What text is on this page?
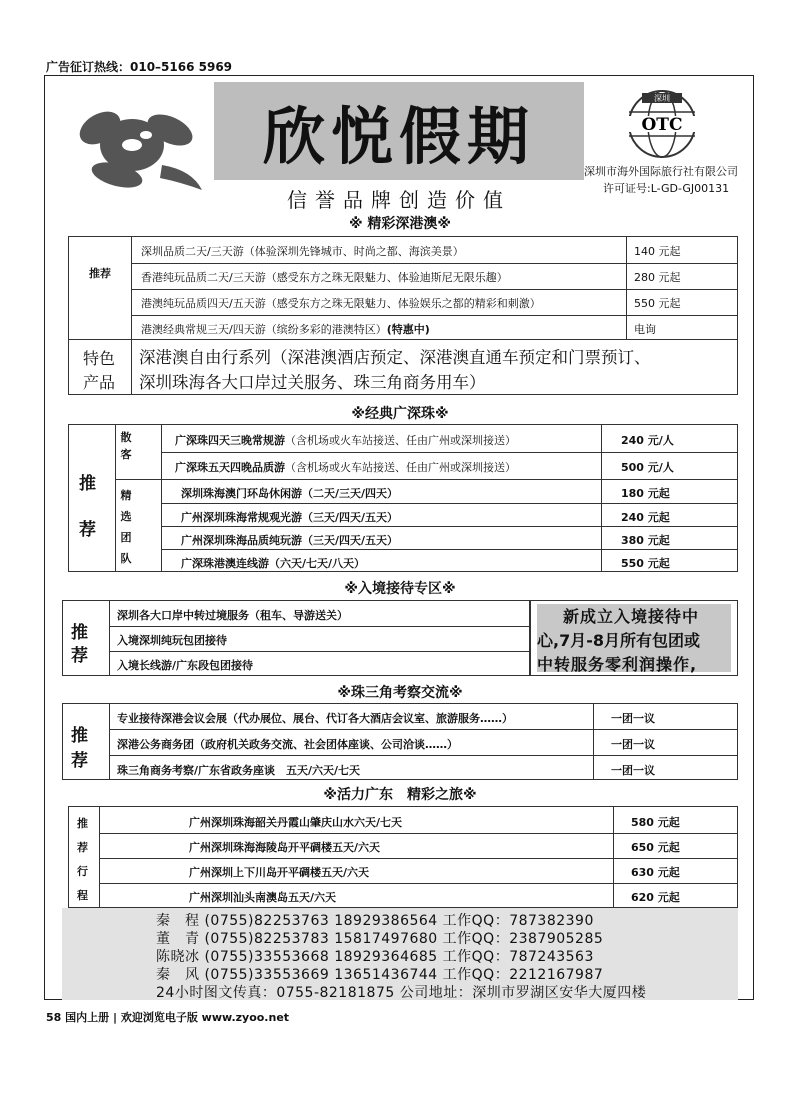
广告征订热线：010–5166 5969
欣悦假期
深圳
OTC
深圳市海外国际旅行社有限公司
许可证号:L-GD-GJ00131
信誉品牌创造价值
※ 精彩深港澳※
推荐
深圳品质二天/三天游（体验深圳先锋城市、时尚之都、海滨美景）	140 元起
香港纯玩品质二天/三天游（感受东方之珠无限魅力、体验迪斯尼无限乐趣）	280 元起
港澳纯玩品质四天/五天游（感受东方之珠无限魅力、体验娱乐之都的精彩和刺激）	550 元起
港澳经典常规三天/四天游（缤纷多彩的港澳特区）(特惠中)	电询
特色
产品
深港澳自由行系列（深港澳酒店预定、深港澳直通车预定和门票预订、
深圳珠海各大口岸过关服务、珠三角商务用车）
※经典广深珠※
推
荐
散客
精选团队
广深珠四天三晚常规游（含机场或火车站接送、任由广州或深圳接送）	240 元/人
广深珠五天四晚品质游（含机场或火车站接送、任由广州或深圳接送）	500 元/人
深圳珠海澳门环岛休闲游（二天/三天/四天）	180 元起
广州深圳珠海常规观光游（三天/四天/五天）	240 元起
广州深圳珠海品质纯玩游（三天/四天/五天）	380 元起
广深珠港澳连线游（六天/七天/八天）	550 元起
※入境接待专区※
推
荐
深圳各大口岸中转过境服务（租车、导游送关）
入境深圳纯玩包团接待
入境长线游/广东段包团接待
新成立入境接待中
心,7月-8月所有包团或
中转服务零利润操作,
※珠三角考察交流※
推
荐
专业接待深港会议会展（代办展位、展台、代订各大酒店会议室、旅游服务……）	一团一议
深港公务商务团（政府机关政务交流、社会团体座谈、公司洽谈……）	一团一议
珠三角商务考察/广东省政务座谈　五天/六天/七天	一团一议
※活力广东　精彩之旅※
推
荐
行
程
广州深圳珠海韶关丹霞山肇庆山水六天/七天	580 元起
广州深圳珠海海陵岛开平碉楼五天/六天	650 元起
广州深圳上下川岛开平碉楼五天/六天	630 元起
广州深圳汕头南澳岛五天/六天	620 元起
秦　程 (0755)82253763 18929386564 工作QQ：787382390
董　青 (0755)82253783 15817497680 工作QQ：2387905285
陈晓冰 (0755)33553668 18929364685 工作QQ：787243563
秦　风 (0755)33553669 13651436744 工作QQ：2212167987
24小时图文传真：0755-82181875 公司地址：深圳市罗湖区安华大厦四楼
58 国内上册 | 欢迎浏览电子版 www.zyoo.net
